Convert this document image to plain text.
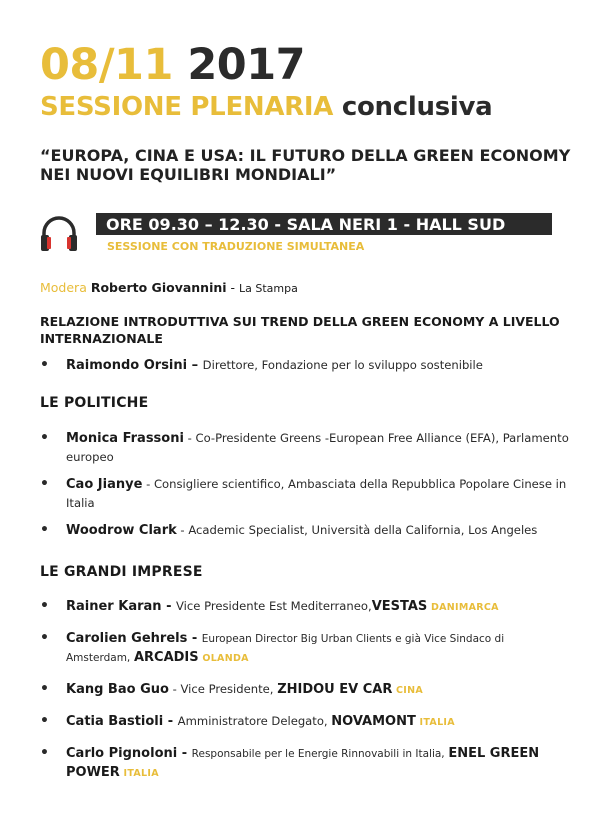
08/11 2017
SESSIONE PLENARIA conclusiva
“EUROPA, CINA E USA: IL FUTURO DELLA GREEN ECONOMY NEI NUOVI EQUILIBRI MONDIALI”
ORE 09.30 – 12.30 - SALA NERI 1 - HALL SUD
SESSIONE CON TRADUZIONE SIMULTANEA
Modera Roberto Giovannini - La Stampa
RELAZIONE INTRODUTTIVA SUI TREND DELLA GREEN ECONOMY A LIVELLO INTERNAZIONALE
• Raimondo Orsini – Direttore, Fondazione per lo sviluppo sostenibile
LE POLITICHE
• Monica Frassoni - Co-Presidente Greens -European Free Alliance (EFA), Parlamento europeo
• Cao Jianye - Consigliere scientifico, Ambasciata della Repubblica Popolare Cinese in Italia
• Woodrow Clark - Academic Specialist, Università della California, Los Angeles
LE GRANDI IMPRESE
• Rainer Karan - Vice Presidente Est Mediterraneo,VESTAS DANIMARCA
• Carolien Gehrels - European Director Big Urban Clients e già Vice Sindaco di Amsterdam, ARCADIS OLANDA
• Kang Bao Guo - Vice Presidente, ZHIDOU EV CAR CINA
• Catia Bastioli - Amministratore Delegato, NOVAMONT ITALIA
• Carlo Pignoloni - Responsabile per le Energie Rinnovabili in Italia, ENEL GREEN POWER ITALIA
